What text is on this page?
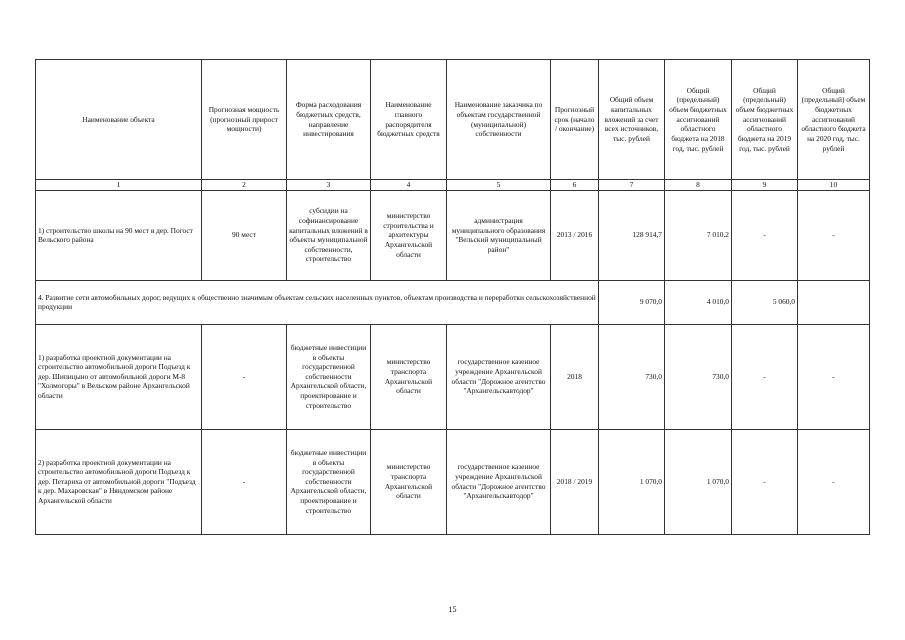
Наименование объекта	Прогнозная мощность (прогнозный прирост мощности)	Форма расходования бюджетных средств, направление инвестирования	Наименование главного распорядителя бюджетных средств	Наименование заказчика по объектам государственной (муниципальной) собственности	Прогнозный срок (начало / окончание)	Общий объем капитальных вложений за счет всех источников, тыс. рублей	Общий (предельный) объем бюджетных ассигнований областного бюджета на 2018 год, тыс. рублей	Общий (предельный) объем бюджетных ассигнований областного бюджета на 2019 год, тыс. рублей	Общий (предельный) объем бюджетных ассигнований областного бюджета на 2020 год, тыс. рублей
1	2	3	4	5	6	7	8	9	10
1) строительство школы на 90 мест в дер. Погост Вельского района	90 мест	субсидии на софинансирование капитальных вложений в объекты муниципальной собственности, строительство	министерство строительства и архитектуры Архангельской области	администрация муниципального образования "Вельский муниципальный район"	2013 / 2016	128 914,7	7 010,2	-	-
4. Развитие сети автомобильных дорог, ведущих к общественно значимым объектам сельских населенных пунктов, объектам производства и переработки сельскохозяйственной продукции						9 070,0	4 010,0	5 060,0	
1) разработка проектной документации на строительство автомобильной дороги Подъезд к дер. Шипицыно от автомобильной дороги М-8 "Холмогоры" в Вельском районе Архангельской области	-	бюджетные инвестиции в объекты государственной собственности Архангельской области, проектирование и строительство	министерство транспорта Архангельской области	государственное казенное учреждение Архангельской области "Дорожное агентство "Архангельскавтодор"	2018	730,0	730,0	-	-
2) разработка проектной документации на строительство автомобильной дороги Подъезд к дер. Петариха от автомобильной дороги "Подъезд к дер. Махаровская" в Няндомском районе Архангельской области	-	бюджетные инвестиции в объекты государственной собственности Архангельской области, проектирование и строительство	министерство транспорта Архангельской области	государственное казенное учреждение Архангельской области "Дорожное агентство "Архангельскавтодор"	2018 / 2019	1 070,0	1 070,0	-	-
15
